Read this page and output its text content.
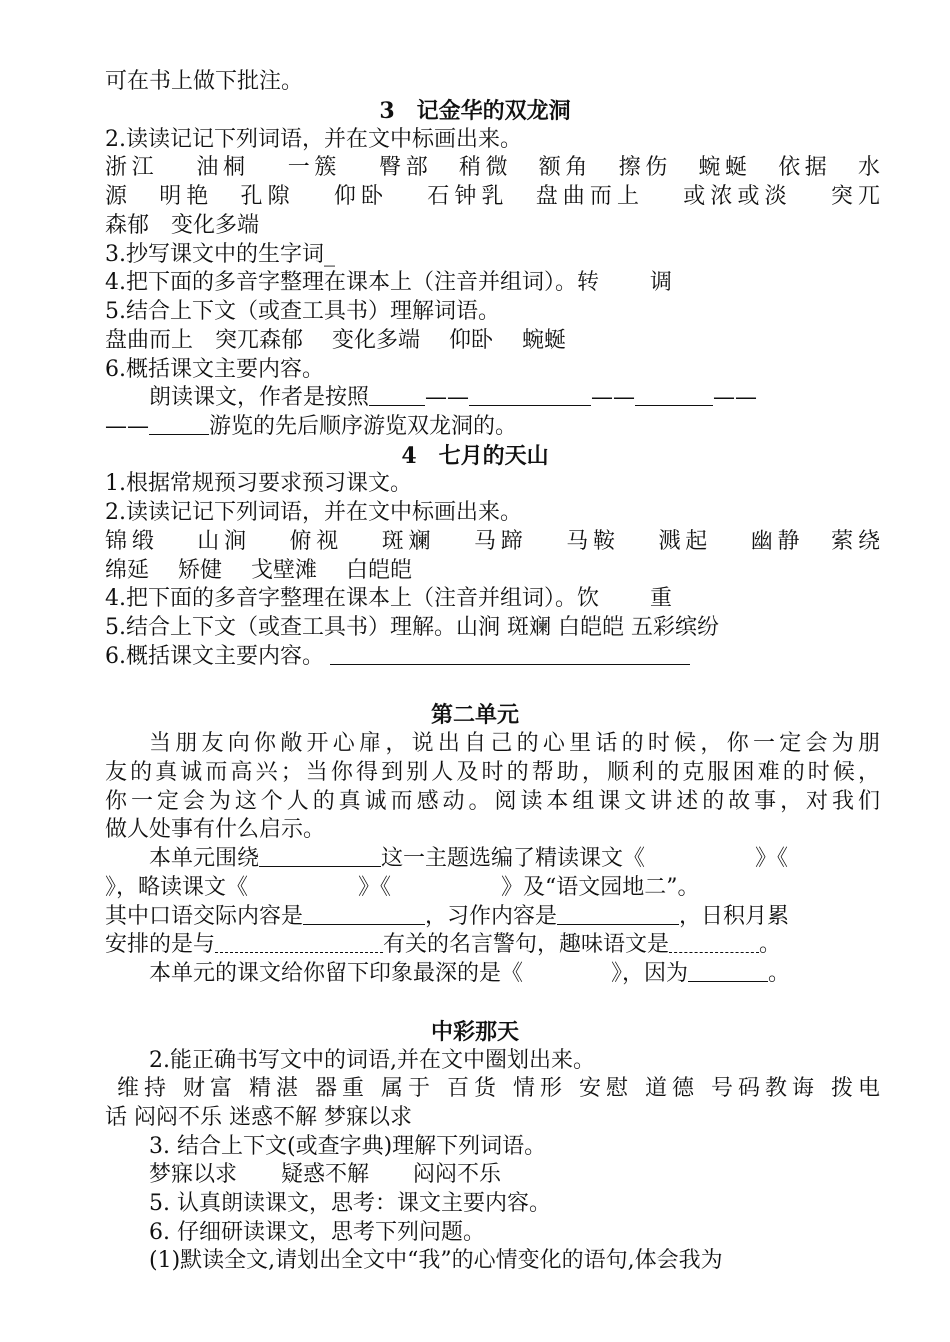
可在书上做下批注。
3　记金华的双龙洞
2.读读记记下列词语，并在文中标画出来。
浙江　 油桐　 一簇　 臀部　稍微　额角　擦伤　蜿蜒　依据　水
源　明艳　孔隙　 仰卧　 石钟乳　盘曲而上　 或浓或淡　 突兀
森郁　变化多端
3.抄写课文中的生字词_
4.把下面的多音字整理在课本上（注音并组词）。转　　 调
5.结合上下文（或查工具书）理解词语。
盘曲而上　突兀森郁　 变化多端　 仰卧　 蜿蜒
6.概括课文主要内容。
朗读课文，作者是按照	——	——	——
——	游览的先后顺序游览双龙洞的。
4　七月的天山
1.根据常规预习要求预习课文。
2.读读记记下列词语，并在文中标画出来。
锦缎　 山涧　 俯视　 斑斓　 马蹄　 马鞍　 溅起　 幽静　萦绕
绵延　 矫健　 戈壁滩　 白皑皑
4.把下面的多音字整理在课本上（注音并组词）。饮　　 重
5.结合上下文（或查工具书）理解。山涧 斑斓 白皑皑 五彩缤纷
6.概括课文主要内容。
第二单元
当朋友向你敞开心扉，说出自己的心里话的时候，你一定会为朋
友的真诚而高兴；当你得到别人及时的帮助，顺利的克服困难的时候，
你一定会为这个人的真诚而感动。阅读本组课文讲述的故事，对我们
做人处事有什么启示。
本单元围绕	这一主题选编了精读课文《　　　　　》《
》，略读课文《　　　　　》《　　　　　》及“语文园地二”。
其中口语交际内容是	，习作内容是	，日积月累
安排的是与	有关的名言警句，趣味语文是	。
本单元的课文给你留下印象最深的是《　　　　》，因为	。
中彩那天
2.能正确书写文中的词语,并在文中圈划出来。
维持 财富 精湛 器重 属于 百货 情形 安慰 道德 号码教诲 拨电
话 闷闷不乐 迷惑不解 梦寐以求
3. 结合上下文(或查字典)理解下列词语。
梦寐以求　　疑惑不解　　闷闷不乐
5. 认真朗读课文，思考：课文主要内容。
6. 仔细研读课文，思考下列问题。
(1)默读全文,请划出全文中“我”的心情变化的语句,体会我为
